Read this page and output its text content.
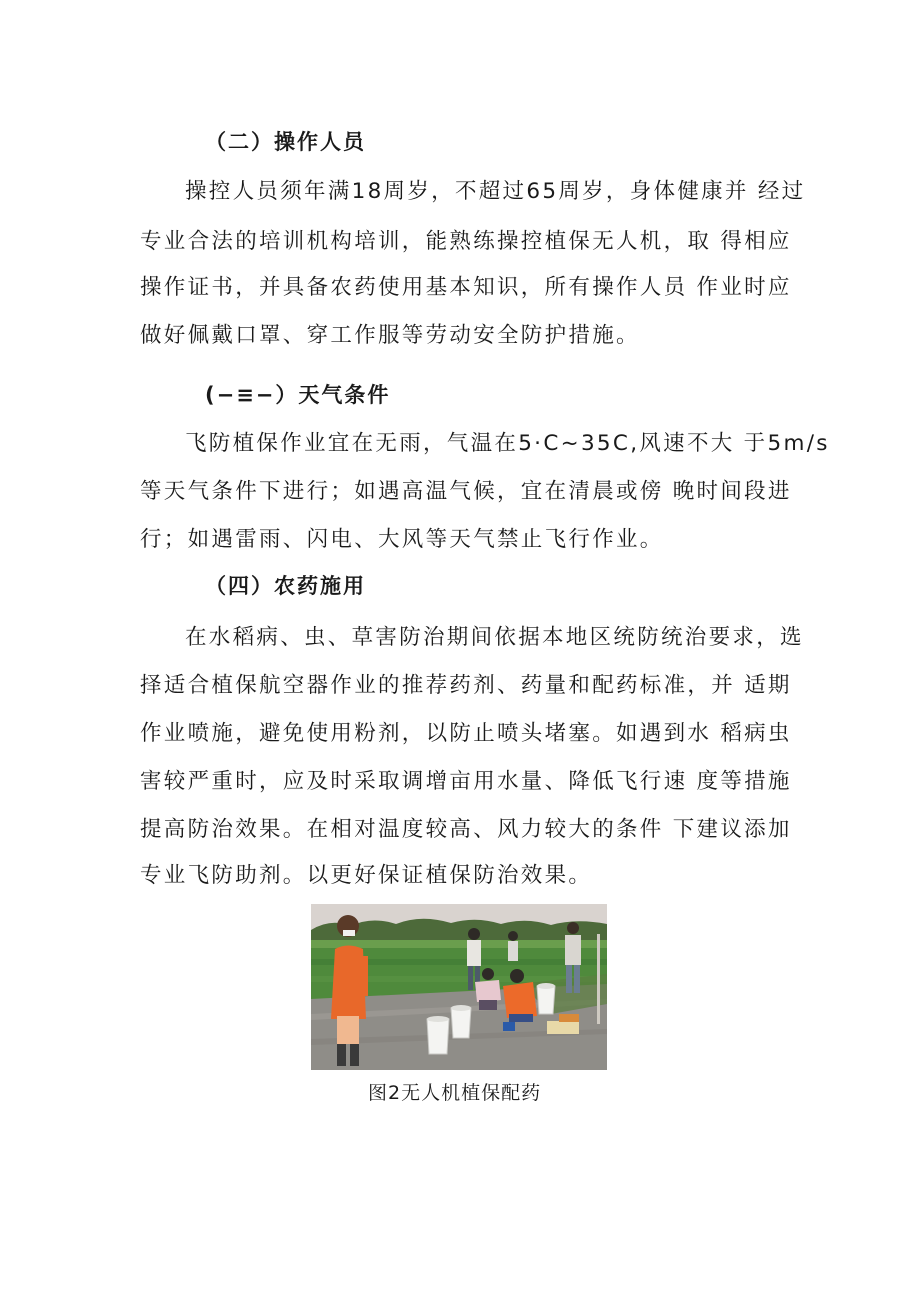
（二）操作人员
操控人员须年满18周岁，不超过65周岁，身体健康并 经过
专业合法的培训机构培训，能熟练操控植保无人机，取 得相应
操作证书，并具备农药使用基本知识，所有操作人员 作业时应
做好佩戴口罩、穿工作服等劳动安全防护措施。
(−≡−）天气条件
飞防植保作业宜在无雨，气温在5·C~35C,风速不大 于5m∕s
等天气条件下进行；如遇高温气候，宜在清晨或傍 晚时间段进
行；如遇雷雨、闪电、大风等天气禁止飞行作业。
（四）农药施用
在水稻病、虫、草害防治期间依据本地区统防统治要求，选
择适合植保航空器作业的推荐药剂、药量和配药标准，并 适期
作业喷施，避免使用粉剂，以防止喷头堵塞。如遇到水 稻病虫
害较严重时，应及时采取调增亩用水量、降低飞行速 度等措施
提高防治效果。在相对温度较高、风力较大的条件 下建议添加
专业飞防助剂。以更好保证植保防治效果。
图2无人机植保配药
